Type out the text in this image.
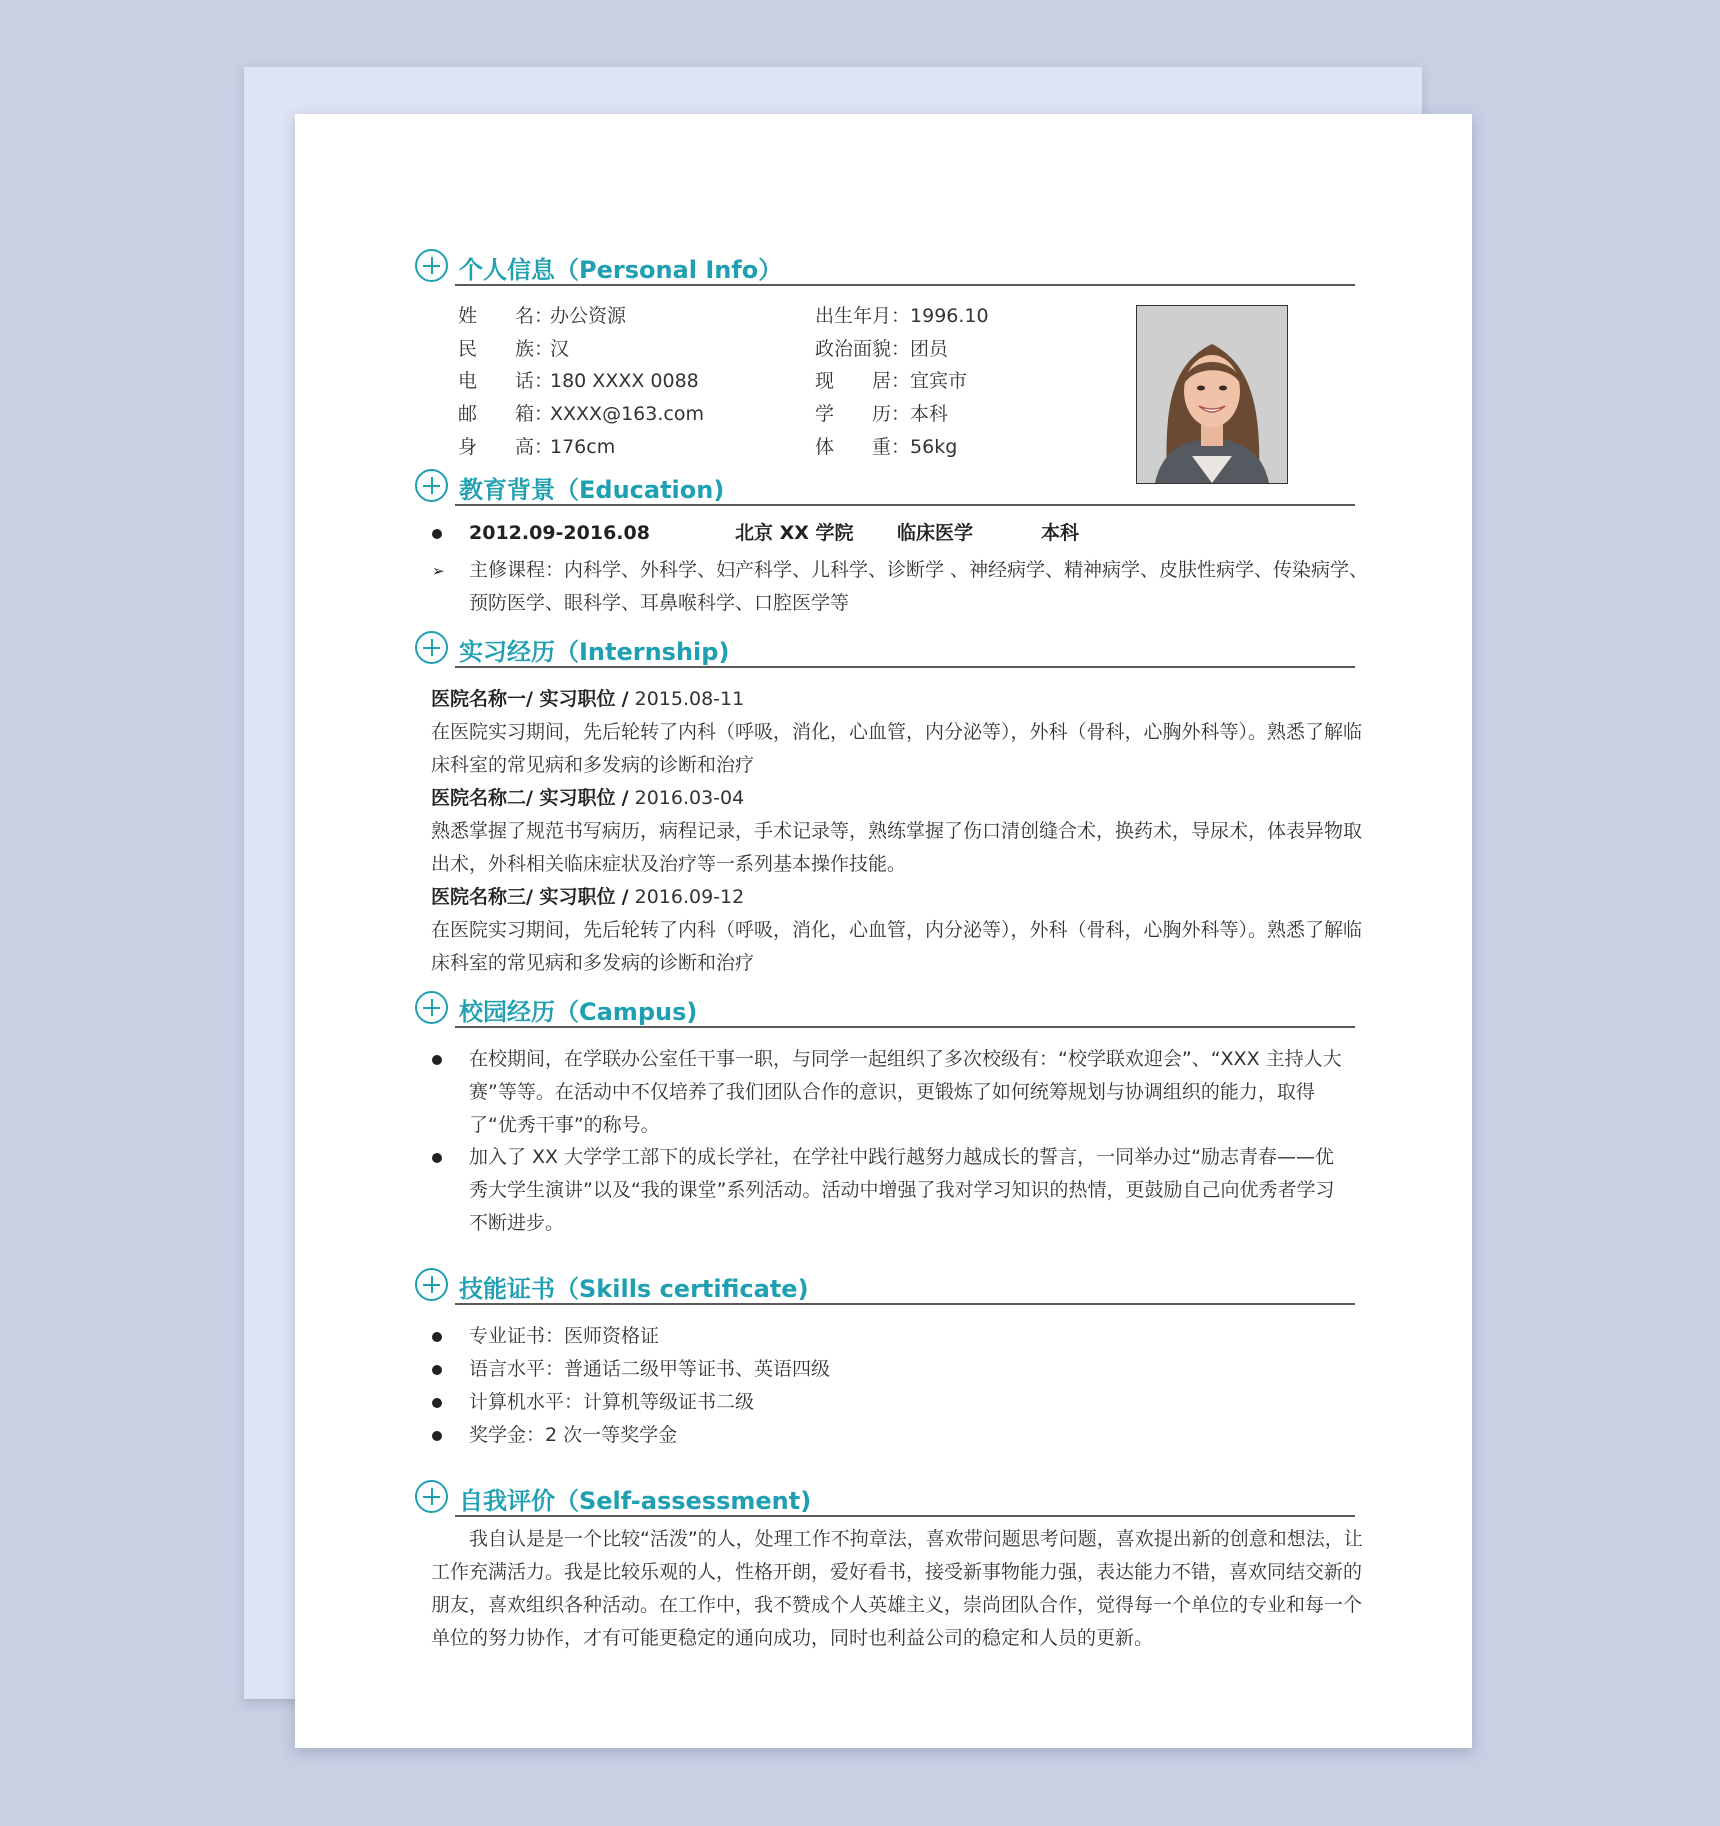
个人信息（Personal Info）
姓　　名：办公资源	出生年月：1996.10
民　　族：汉	政治面貌：团员
电　　话：180 XXXX 0088	现　　居：宜宾市
邮　　箱：XXXX@163.com	学　　历：本科
身　　高：176cm	体　　重：56kg
教育背景（Education)
2012.09-2016.08	北京 XX 学院 临床医学	本科
➢ 主修课程：内科学、外科学、妇产科学、儿科学、诊断学 、神经病学、精神病学、皮肤性病学、传染病学、预防医学、眼科学、耳鼻喉科学、口腔医学等
实习经历（Internship)
医院名称一/ 实习职位 / 2015.08-11
在医院实习期间，先后轮转了内科（呼吸，消化，心血管，内分泌等），外科（骨科，心胸外科等）。熟悉了解临床科室的常见病和多发病的诊断和治疗
医院名称二/ 实习职位 / 2016.03-04
熟悉掌握了规范书写病历，病程记录，手术记录等，熟练掌握了伤口清创缝合术，换药术，导尿术，体表异物取出术，外科相关临床症状及治疗等一系列基本操作技能。
医院名称三/ 实习职位 / 2016.09-12
在医院实习期间，先后轮转了内科（呼吸，消化，心血管，内分泌等），外科（骨科，心胸外科等）。熟悉了解临床科室的常见病和多发病的诊断和治疗
校园经历（Campus)
在校期间，在学联办公室任干事一职，与同学一起组织了多次校级有：“校学联欢迎会”、“XXX 主持人大赛”等等。在活动中不仅培养了我们团队合作的意识，更锻炼了如何统筹规划与协调组织的能力，取得了“优秀干事”的称号。
加入了 XX 大学学工部下的成长学社，在学社中践行越努力越成长的誓言，一同举办过“励志青春——优秀大学生演讲”以及“我的课堂”系列活动。活动中增强了我对学习知识的热情，更鼓励自己向优秀者学习不断进步。
技能证书（Skills certificate)
专业证书：医师资格证
语言水平：普通话二级甲等证书、英语四级
计算机水平：计算机等级证书二级
奖学金：2 次一等奖学金
自我评价（Self-assessment)
我自认是是一个比较“活泼”的人，处理工作不拘章法，喜欢带问题思考问题，喜欢提出新的创意和想法，让工作充满活力。我是比较乐观的人，性格开朗，爱好看书，接受新事物能力强，表达能力不错，喜欢同结交新的朋友，喜欢组织各种活动。在工作中，我不赞成个人英雄主义，崇尚团队合作，觉得每一个单位的专业和每一个单位的努力协作，才有可能更稳定的通向成功，同时也利益公司的稳定和人员的更新。
